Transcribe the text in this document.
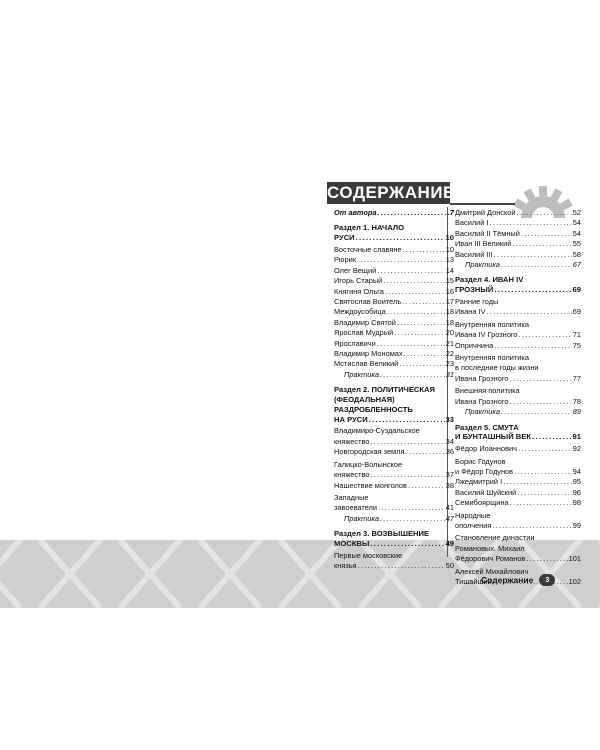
СОДЕРЖАНИЕ
От автора .....	7
Раздел 1. НАЧАЛО
РУСИ .....	10
Восточные славяне .....	10
Рюрик .....	13
Олег Вещий .....	14
Игорь Старый .....	15
Княгиня Ольга .....	16
Святослав Воитель .....	17
Междоусобица .....	18
Владимир Святой .....	18
Ярослав Мудрый .....	20
Ярославичи .....	21
Владимир Мономах .....	22
Мстислав Великий .....	23
Практика .....	31
Раздел 2. ПОЛИТИЧЕСКАЯ
(ФЕОДАЛЬНАЯ)
РАЗДРОБЛЕННОСТЬ
НА РУСИ .....	33
Владимиро-Суздальское
княжество .....	34
Новгородская земля .....	36
Галицко-Волынское
княжество .....	37
Нашествие монголов .....	38
Западные
завоеватели .....	41
Практика .....	47
Раздел 3. ВОЗВЫШЕНИЕ
МОСКВЫ .....	49
Первые московские
князья .....	50
Дмитрий Донской .....	52
Василий I .....	54
Василий II Тёмный .....	54
Иван III Великий .....	55
Василий III .....	58
Практика .....	67
Раздел 4. ИВАН IV
ГРОЗНЫЙ .....	69
Ранние годы
Ивана IV .....	69
Внутренняя политика
Ивана IV Грозного .....	71
Опричнина .....	75
Внутренняя политика
в последние годы жизни
Ивана Грозного .....	77
Внешняя политика
Ивана Грозного .....	78
Практика .....	89
Раздел 5. СМУТА
И БУНТАШНЫЙ ВЕК .....	91
Фёдор Иоаннович .....	92
Борис Годунов
и Фёдор Годунов .....	94
Лжедмитрий I .....	95
Василий Шуйский .....	96
Семибоярщина .....	98
Народные
ополчения .....	99
Становление династии
Романовых. Михаил
Фёдорович Романов .....	101
Алексей Михайлович
Тишайший .....	102
Содержание	3
